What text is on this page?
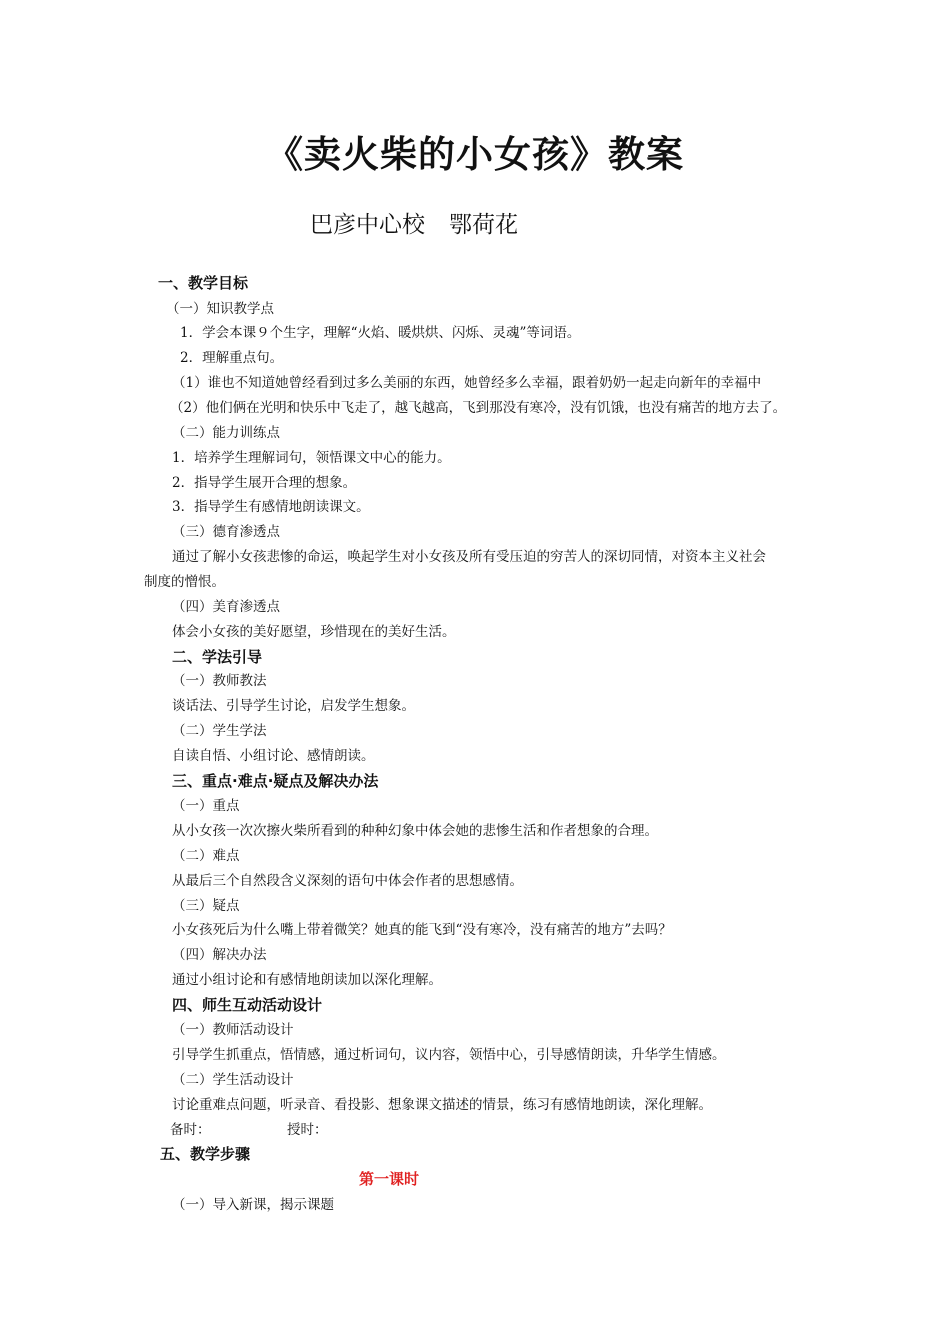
《卖火柴的小女孩》教案
巴彦中心校 鄂荷花
一、教学目标
（一）知识教学点
1．学会本课９个生字，理解“火焰、暖烘烘、闪烁、灵魂”等词语。
2．理解重点句。
（1）谁也不知道她曾经看到过多么美丽的东西，她曾经多么幸福，跟着奶奶一起走向新年的幸福中
（2）他们俩在光明和快乐中飞走了，越飞越高，飞到那没有寒冷，没有饥饿，也没有痛苦的地方去了。
（二）能力训练点
1．培养学生理解词句，领悟课文中心的能力。
2．指导学生展开合理的想象。
3．指导学生有感情地朗读课文。
（三）德育渗透点
通过了解小女孩悲惨的命运，唤起学生对小女孩及所有受压迫的穷苦人的深切同情，对资本主义社会
制度的憎恨。
（四）美育渗透点
体会小女孩的美好愿望，珍惜现在的美好生活。
二、学法引导
（一）教师教法
谈话法、引导学生讨论，启发学生想象。
（二）学生学法
自读自悟、小组讨论、感情朗读。
三、重点·难点·疑点及解决办法
（一）重点
从小女孩一次次擦火柴所看到的种种幻象中体会她的悲惨生活和作者想象的合理。
（二）难点
从最后三个自然段含义深刻的语句中体会作者的思想感情。
（三）疑点
小女孩死后为什么嘴上带着微笑？她真的能飞到“没有寒冷，没有痛苦的地方”去吗？
（四）解决办法
通过小组讨论和有感情地朗读加以深化理解。
四、师生互动活动设计
（一）教师活动设计
引导学生抓重点，悟情感，通过析词句，议内容，领悟中心，引导感情朗读，升华学生情感。
（二）学生活动设计
讨论重难点问题，听录音、看投影、想象课文描述的情景，练习有感情地朗读，深化理解。
备时：	授时：
五、教学步骤
第一课时
（一）导入新课，揭示课题
